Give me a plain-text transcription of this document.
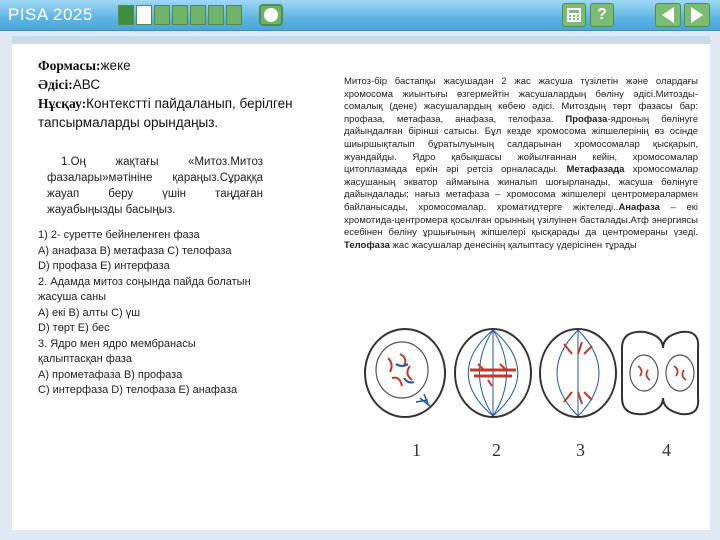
PISA 2025	?
Формасы:жеке
Әдісі:АВС
Нұсқау:Контекстті пайдаланып, берілген тапсырмаларды орындаңыз.
1.Оң жақтағы «Митоз.Митоз фазалары»мәтініне қараңыз.Сұраққа жауап беру үшін таңдаған жауабыңызды басыңыз.
1) 2- суретте бейнеленген фаза
A) анафаза B) метафаза C) телофаза
D) профаза E) интерфаза
2. Адамда митоз соңында пайда болатын
жасуша саны
A) екі B) алты C) үш
D) төрт E) бес
3. Ядро мен ядро мембранасы
қалыптасқан фаза
A) прометафаза B) профаза
C) интерфаза D) телофаза E) анафаза
Митоз-бір бастапқы жасушадан 2 жас жасуша түзілетін және олардағы хромосома жиынтығы өзгермейтін жасушалардың бөліну әдісі.Митозды-сомалық (дене) жасушалардың көбею әдісі. Митоздың төрт фазасы бар: профаза, метафаза, анафаза, телофаза. Профаза-ядроның бөлінуге дайындалған бірінші сатысы. Бұл кезде хромосома жіпшелерінің өз осінде шиыршықталып бұратылуының салдарынан хромосомалар қысқарып, жуандайды. Ядро қабықшасы жойылғаннан кейін, хромосомалар цитоплазмада еркін әрі ретсіз орналасады. Метафазада хромосомалар жасушаның экватор аймағына жиналып шоғырланады, жасуша бөлінуге дайындалады; нағыз метафаза – хромосома жіпшелері центромералармен байланысады, хромосомалар. хроматидтерге жіктеледі..Анафаза – екі хромотида-центромера қосылған орынның үзілуінен басталады.Атф энергиясы есебінен бөліну ұршығының жіпшелері қысқарады да центромераны үзеді. Телофаза жас жасушалар денесінің қалыптасу үдерісінен тұрады
1	2	3	4
